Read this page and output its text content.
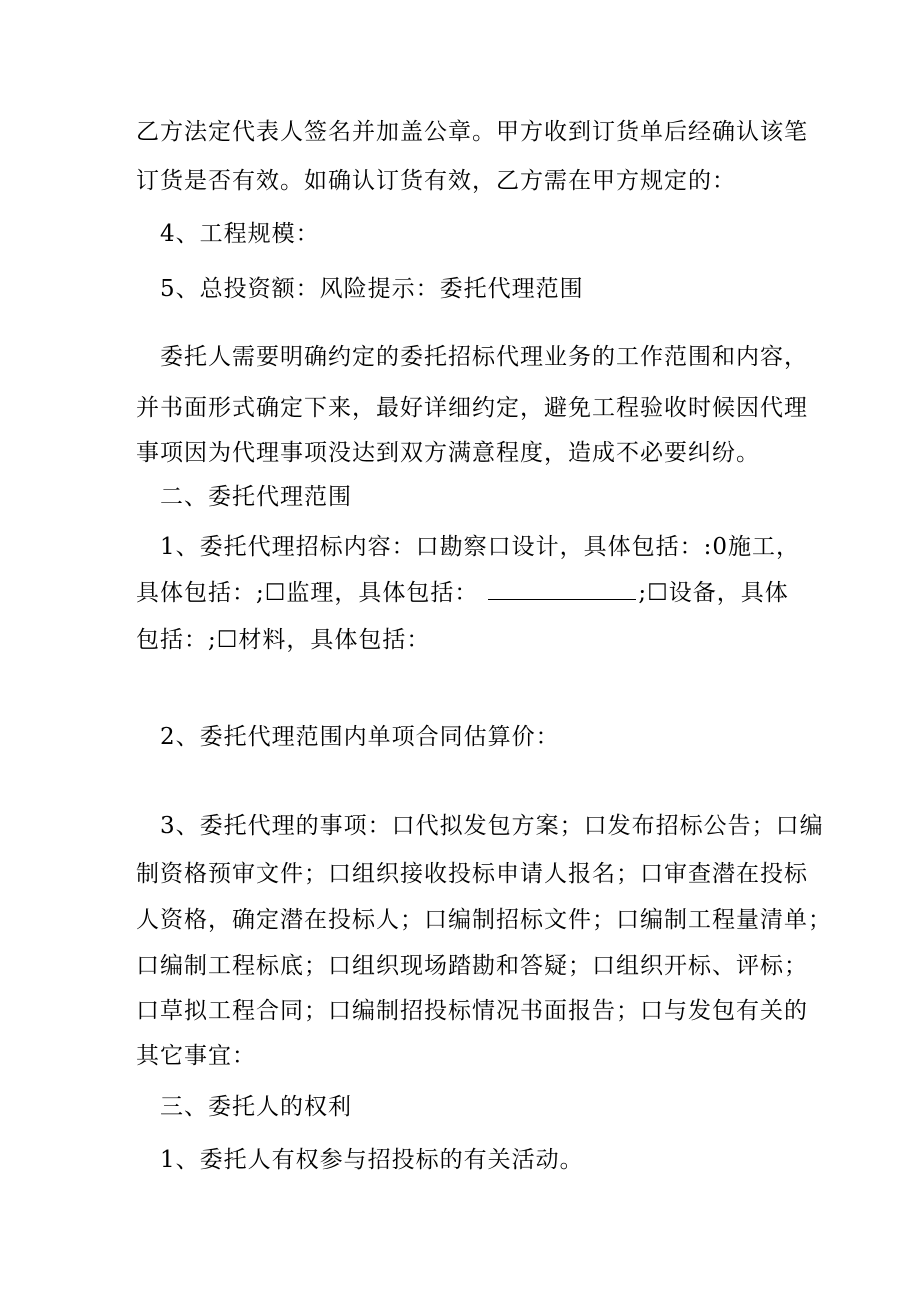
乙方法定代表人签名并加盖公章。甲方收到订货单后经确认该笔
订货是否有效。如确认订货有效，乙方需在甲方规定的：
4、工程规模：
5、总投资额：风险提示：委托代理范围
委托人需要明确约定的委托招标代理业务的工作范围和内容，
并书面形式确定下来，最好详细约定，避免工程验收时候因代理
事项因为代理事项没达到双方满意程度，造成不必要纠纷。
二、委托代理范围
1、委托代理招标内容：口勘察口设计，具体包括：:0施工，
具体包括：;☐监理，具体包括：	;☐设备，具体
包括：;☐材料，具体包括：
2、委托代理范围内单项合同估算价：
3、委托代理的事项：口代拟发包方案；口发布招标公告；口编
制资格预审文件；口组织接收投标申请人报名；口审查潜在投标
人资格，确定潜在投标人；口编制招标文件；口编制工程量清单；
口编制工程标底；口组织现场踏勘和答疑；口组织开标、评标；
口草拟工程合同；口编制招投标情况书面报告；口与发包有关的
其它事宜：
三、委托人的权利
1、委托人有权参与招投标的有关活动。
